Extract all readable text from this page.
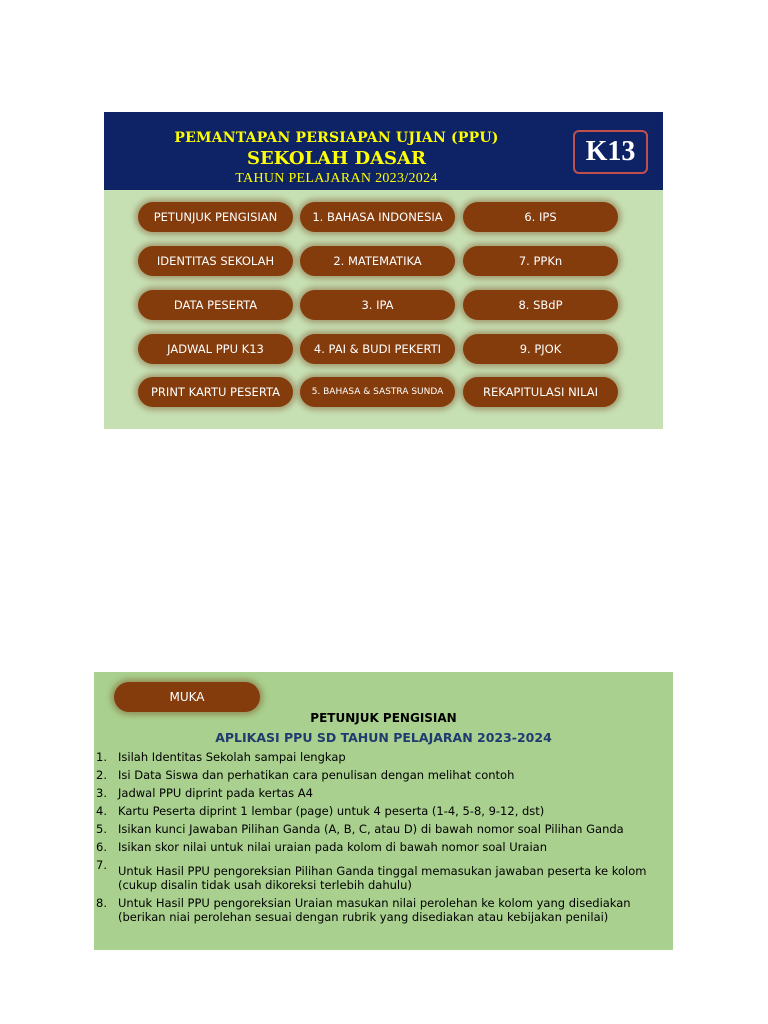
PEMANTAPAN PERSIAPAN UJIAN (PPU)
SEKOLAH DASAR
TAHUN PELAJARAN 2023/2024
K13
PETUNJUK PENGISIAN
IDENTITAS SEKOLAH
DATA PESERTA
JADWAL PPU K13
PRINT KARTU PESERTA
1. BAHASA INDONESIA
2. MATEMATIKA
3. IPA
4. PAI & BUDI PEKERTI
5. BAHASA & SASTRA SUNDA
6. IPS
7. PPKn
8. SBdP
9. PJOK
REKAPITULASI NILAI
MUKA
PETUNJUK PENGISIAN
APLIKASI PPU SD TAHUN PELAJARAN 2023-2024
1. Isilah Identitas Sekolah sampai lengkap
2. Isi Data Siswa dan perhatikan cara penulisan dengan melihat contoh
3. Jadwal PPU diprint pada kertas A4
4. Kartu Peserta diprint 1 lembar (page) untuk 4 peserta (1-4, 5-8, 9-12, dst)
5. Isikan kunci Jawaban Pilihan Ganda (A, B, C, atau D) di bawah nomor soal Pilihan Ganda
6. Isikan skor nilai untuk nilai uraian pada kolom di bawah nomor soal Uraian
7. Untuk Hasil PPU pengoreksian Pilihan Ganda tinggal memasukan jawaban peserta ke kolom
(cukup disalin tidak usah dikoreksi terlebih dahulu)
8. Untuk Hasil PPU pengoreksian Uraian masukan nilai perolehan ke kolom yang disediakan
(berikan niai perolehan sesuai dengan rubrik yang disediakan atau kebijakan penilai)
